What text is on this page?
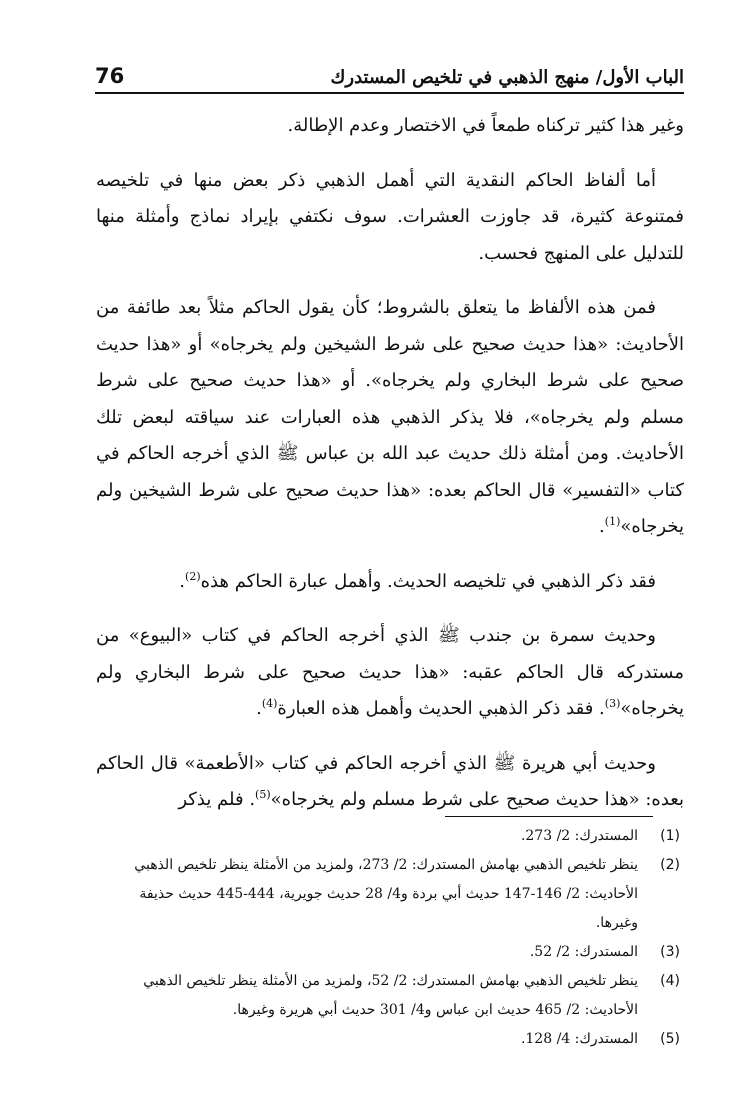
الباب الأول/ منهج الذهبي في تلخيص المستدرك
76

وغير هذا كثير تركناه طمعاً في الاختصار وعدم الإطالة.

أما ألفاظ الحاكم النقدية التي أهمل الذهبي ذكر بعض منها في تلخيصه فمتنوعة كثيرة، قد جاوزت العشرات. سوف نكتفي بإيراد نماذج وأمثلة منها للتدليل على المنهج فحسب.

فمن هذه الألفاظ ما يتعلق بالشروط؛ كأن يقول الحاكم مثلاً بعد طائفة من الأحاديث: «هذا حديث صحيح على شرط الشيخين ولم يخرجاه» أو «هذا حديث صحيح على شرط البخاري ولم يخرجاه». أو «هذا حديث صحيح على شرط مسلم ولم يخرجاه»، فلا يذكر الذهبي هذه العبارات عند سياقته لبعض تلك الأحاديث. ومن أمثلة ذلك حديث عبد الله بن عباس ﷺ الذي أخرجه الحاكم في كتاب «التفسير» قال الحاكم بعده: «هذا حديث صحيح على شرط الشيخين ولم يخرجاه»$^{(1)}$.

فقد ذكر الذهبي في تلخيصه الحديث. وأهمل عبارة الحاكم هذه$^{(2)}$.

وحديث سمرة بن جندب ﷺ الذي أخرجه الحاكم في كتاب «البيوع» من مستدركه قال الحاكم عقبه: «هذا حديث صحيح على شرط البخاري ولم يخرجاه»$^{(3)}$. فقد ذكر الذهبي الحديث وأهمل هذه العبارة$^{(4)}$.

وحديث أبي هريرة ﷺ الذي أخرجه الحاكم في كتاب «الأطعمة» قال الحاكم بعده: «هذا حديث صحيح على شرط مسلم ولم يخرجاه»$^{(5)}$. فلم يذكر

(1)
المستدرك: 2/ 273.
(2)
ينظر تلخيص الذهبي بهامش المستدرك: 2/ 273، ولمزيد من الأمثلة ينظر تلخيص الذهبي الأحاديث: 2/ 146-147 حديث أبي بردة و4/ 28 حديث جويرية، 444-445 حديث حذيفة وغيرها.
(3)
المستدرك: 2/ 52.
(4)
ينظر تلخيص الذهبي بهامش المستدرك: 2/ 52، ولمزيد من الأمثلة ينظر تلخيص الذهبي الأحاديث: 2/ 465 حديث ابن عباس و4/ 301 حديث أبي هريرة وغيرها.
(5)
المستدرك: 4/ 128.
